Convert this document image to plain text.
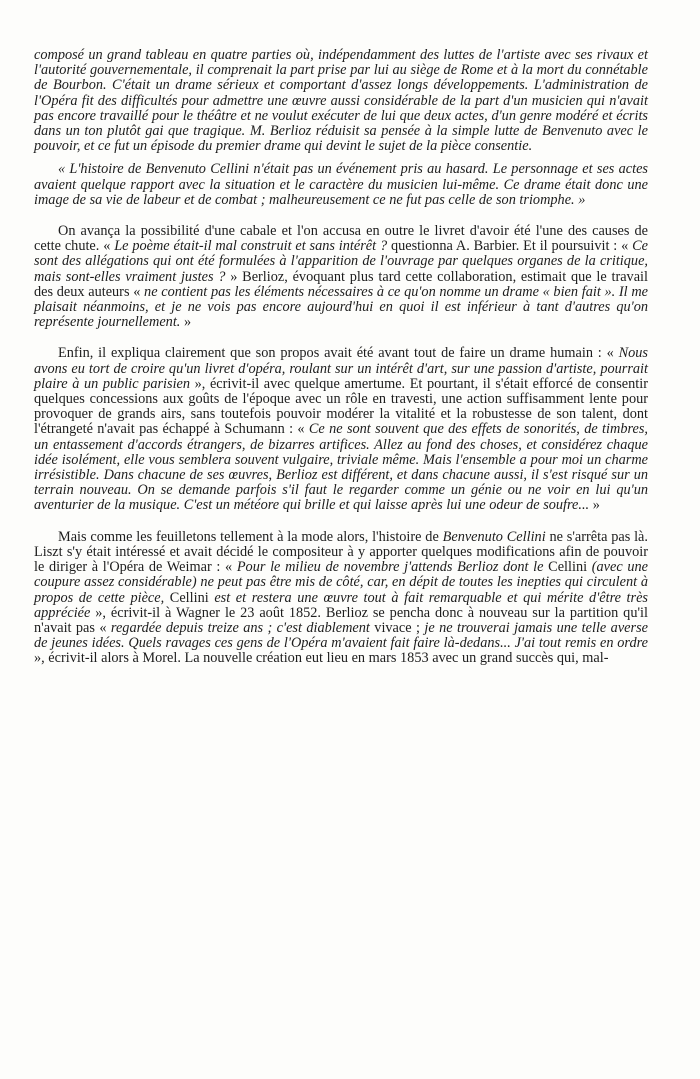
composé un grand tableau en quatre parties où, indépendamment des luttes de l'artiste avec ses rivaux et l'autorité gouvernementale, il comprenait la part prise par lui au siège de Rome et à la mort du connétable de Bourbon. C'était un drame sérieux et comportant d'assez longs développements. L'administration de l'Opéra fit des difficultés pour admettre une œuvre aussi considérable de la part d'un musicien qui n'avait pas encore travaillé pour le théâtre et ne voulut exécuter de lui que deux actes, d'un genre modéré et écrits dans un ton plutôt gai que tragique. M. Berlioz réduisit sa pensée à la simple lutte de Benvenuto avec le pouvoir, et ce fut un épisode du premier drame qui devint le sujet de la pièce consentie.

« L'histoire de Benvenuto Cellini n'était pas un événement pris au hasard. Le personnage et ses actes avaient quelque rapport avec la situation et le caractère du musicien lui-même. Ce drame était donc une image de sa vie de labeur et de combat ; malheureusement ce ne fut pas celle de son triomphe. »

On avança la possibilité d'une cabale et l'on accusa en outre le livret d'avoir été l'une des causes de cette chute. « Le poème était-il mal construit et sans intérêt ? questionna A. Barbier. Et il poursuivit : « Ce sont des allégations qui ont été formulées à l'apparition de l'ouvrage par quelques organes de la critique, mais sont-elles vraiment justes ? » Berlioz, évoquant plus tard cette collaboration, estimait que le travail des deux auteurs « ne contient pas les éléments nécessaires à ce qu'on nomme un drame « bien fait ». Il me plaisait néanmoins, et je ne vois pas encore aujourd'hui en quoi il est inférieur à tant d'autres qu'on représente journellement. »

Enfin, il expliqua clairement que son propos avait été avant tout de faire un drame humain : « Nous avons eu tort de croire qu'un livret d'opéra, roulant sur un intérêt d'art, sur une passion d'artiste, pourrait plaire à un public parisien », écrivit-il avec quelque amertume. Et pourtant, il s'était efforcé de consentir quelques concessions aux goûts de l'époque avec un rôle en travesti, une action suffisamment lente pour provoquer de grands airs, sans toutefois pouvoir modérer la vitalité et la robustesse de son talent, dont l'étrangeté n'avait pas échappé à Schumann : « Ce ne sont souvent que des effets de sonorités, de timbres, un entassement d'accords étrangers, de bizarres artifices. Allez au fond des choses, et considérez chaque idée isolément, elle vous semblera souvent vulgaire, triviale même. Mais l'ensemble a pour moi un charme irrésistible. Dans chacune de ses œuvres, Berlioz est différent, et dans chacune aussi, il s'est risqué sur un terrain nouveau. On se demande parfois s'il faut le regarder comme un génie ou ne voir en lui qu'un aventurier de la musique. C'est un météore qui brille et qui laisse après lui une odeur de soufre... »

Mais comme les feuilletons tellement à la mode alors, l'histoire de Benvenuto Cellini ne s'arrêta pas là. Liszt s'y était intéressé et avait décidé le compositeur à y apporter quelques modifications afin de pouvoir le diriger à l'Opéra de Weimar : « Pour le milieu de novembre j'attends Berlioz dont le Cellini (avec une coupure assez considérable) ne peut pas être mis de côté, car, en dépit de toutes les inepties qui circulent à propos de cette pièce, Cellini est et restera une œuvre tout à fait remarquable et qui mérite d'être très appréciée », écrivit-il à Wagner le 23 août 1852. Berlioz se pencha donc à nouveau sur la partition qu'il n'avait pas « regardée depuis treize ans ; c'est diablement vivace ; je ne trouverai jamais une telle averse de jeunes idées. Quels ravages ces gens de l'Opéra m'avaient fait faire là-dedans... J'ai tout remis en ordre », écrivit-il alors à Morel. La nouvelle création eut lieu en mars 1853 avec un grand succès qui, mal-
